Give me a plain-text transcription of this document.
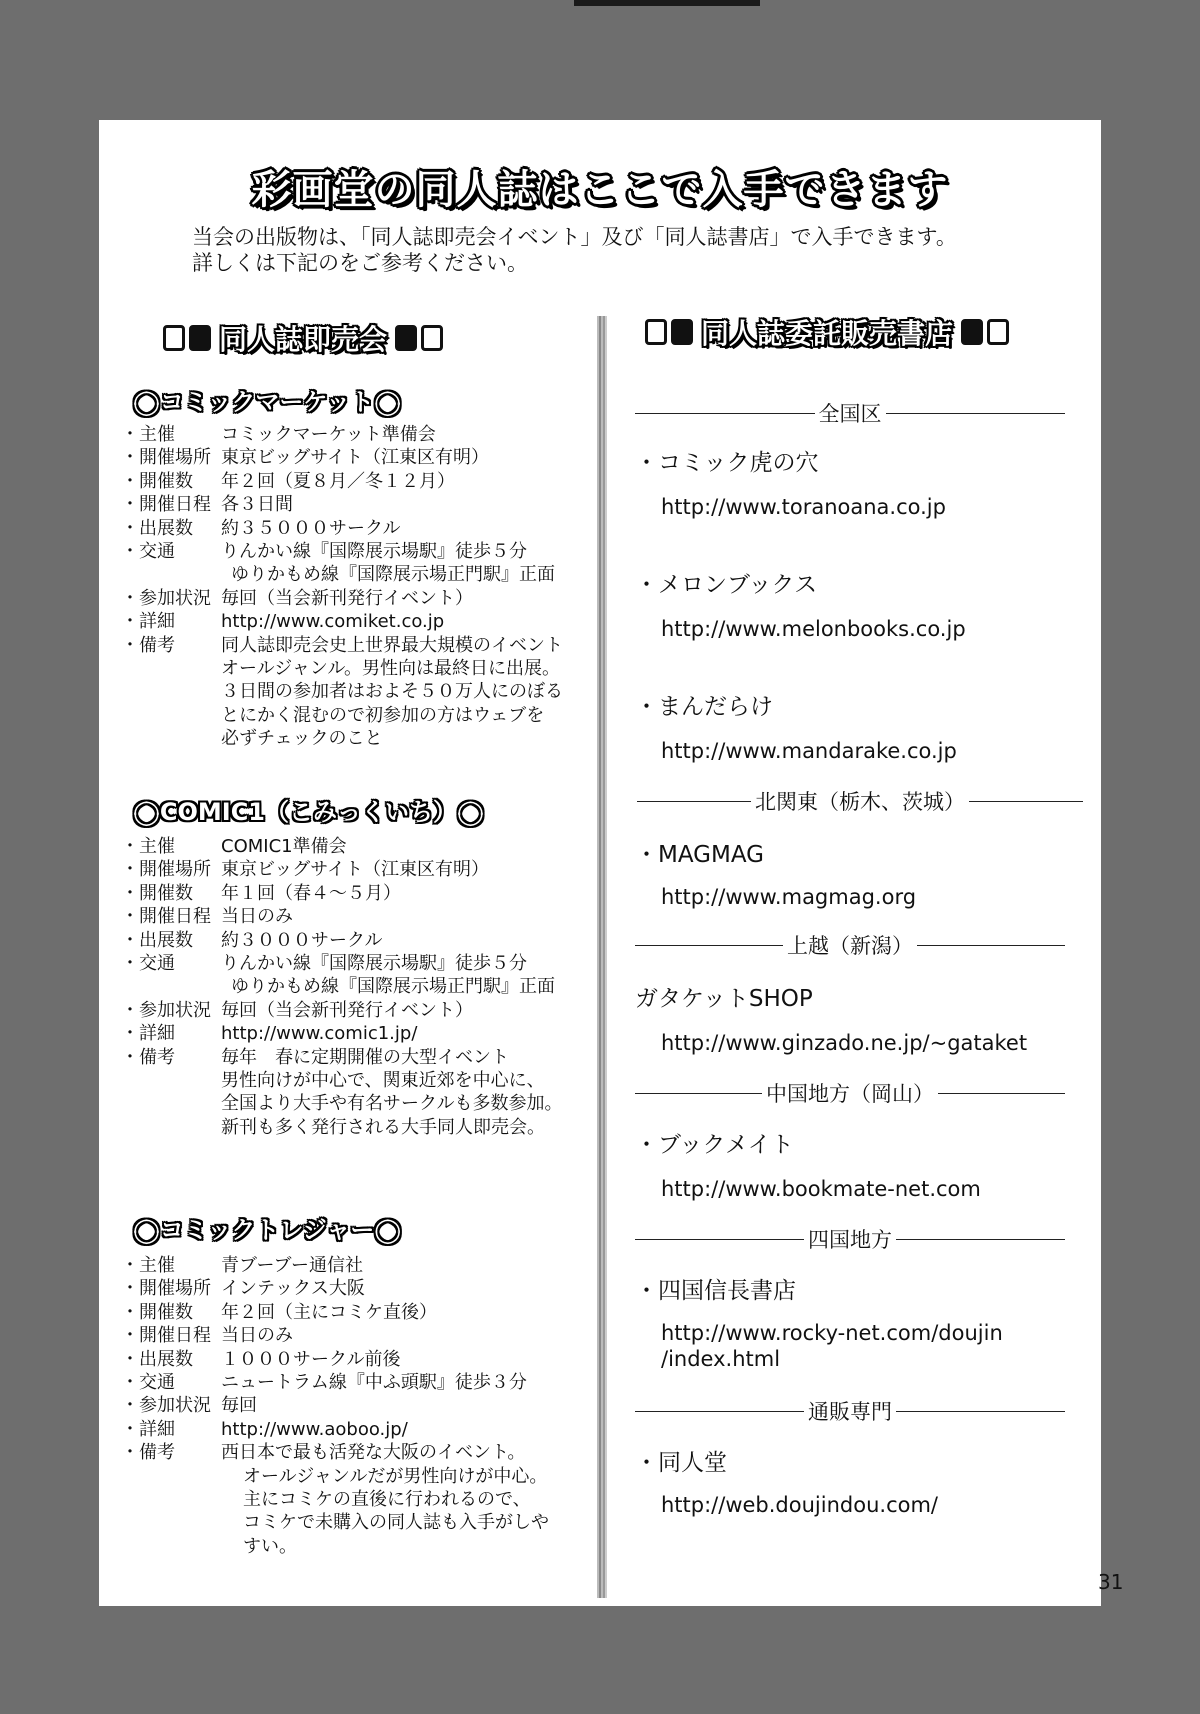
彩画堂の同人誌はここで入手できます
当会の出版物は、「同人誌即売会イベント」及び「同人誌書店」で入手できます。
詳しくは下記のをご参考ください。
同人誌即売会	同人誌委託販売書店
◯コミックマーケット◯
・ 主催	コミックマーケット準備会
・ 開催場所 東京ビッグサイト（江東区有明）
・ 開催数	年２回（夏８月／冬１２月）
・ 開催日程 各３日間
・ 出展数	約３５０００サークル
・ 交通	りんかい線『国際展示場駅』徒歩５分
ゆりかもめ線『国際展示場正門駅』正面
・ 参加状況 毎回（当会新刊発行イベント）
・ 詳細	http://www.comiket.co.jp
・ 備考	同人誌即売会史上世界最大規模のイベント
オールジャンル。男性向は最終日に出展。
３日間の参加者はおよそ５０万人にのぼる
とにかく混むので初参加の方はウェブを
必ずチェックのこと
◯COMIC1（こみっくいち）◯
・ 主催	COMIC1準備会
・ 開催場所 東京ビッグサイト（江東区有明）
・ 開催数	年１回（春４～５月）
・ 開催日程 当日のみ
・ 出展数	約３０００サークル
・ 交通	りんかい線『国際展示場駅』徒歩５分
ゆりかもめ線『国際展示場正門駅』正面
・ 参加状況 毎回（当会新刊発行イベント）
・ 詳細	http://www.comic1.jp/
・ 備考	毎年　春に定期開催の大型イベント
男性向けが中心で、関東近郊を中心に、
全国より大手や有名サークルも多数参加。
新刊も多く発行される大手同人即売会。
◯コミックトレジャー◯
・ 主催	青ブーブー通信社
・ 開催場所 インテックス大阪
・ 開催数	年２回（主にコミケ直後）
・ 開催日程 当日のみ
・ 出展数	１０００サークル前後
・ 交通	ニュートラム線『中ふ頭駅』徒歩３分
・ 参加状況 毎回
・ 詳細	http://www.aoboo.jp/
・ 備考	西日本で最も活発な大阪のイベント。
オールジャンルだが男性向けが中心。
主にコミケの直後に行われるので、
コミケで未購入の同人誌も入手がしや
すい。
全国区
・コミック虎の穴
http://www.toranoana.co.jp
・メロンブックス
http://www.melonbooks.co.jp
・まんだらけ
http://www.mandarake.co.jp
北関東（栃木、茨城）
・MAGMAG
http://www.magmag.org
上越（新潟）
ガタケットSHOP
http://www.ginzado.ne.jp/~gataket
中国地方（岡山）
・ブックメイト
http://www.bookmate-net.com
四国地方
・四国信長書店
http://www.rocky-net.com/doujin
/index.html
通販専門
・同人堂
http://web.doujindou.com/
31
